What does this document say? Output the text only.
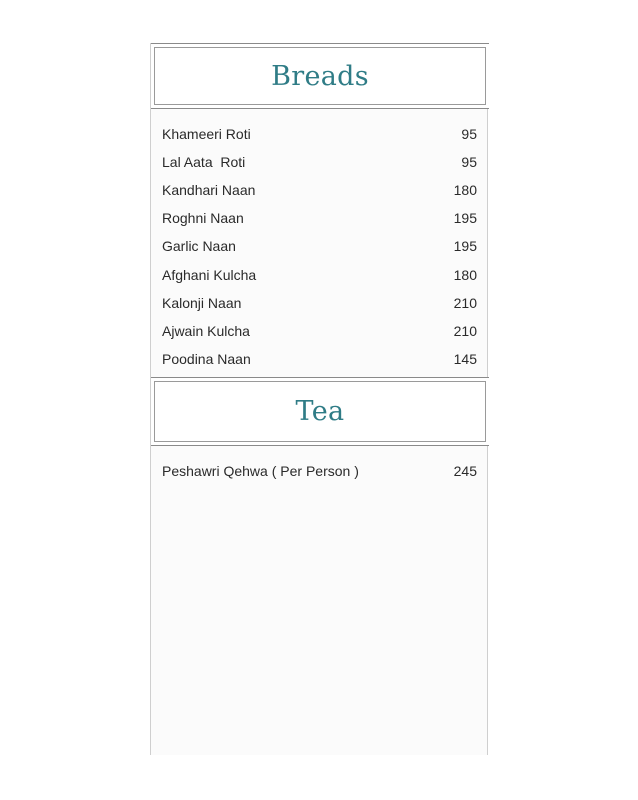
Breads
Khameeri Roti	95
Lal Aata  Roti	95
Kandhari Naan	180
Roghni Naan	195
Garlic Naan	195
Afghani Kulcha	180
Kalonji Naan	210
Ajwain Kulcha	210
Poodina Naan	145
Tea
Peshawri Qehwa ( Per Person )	245
